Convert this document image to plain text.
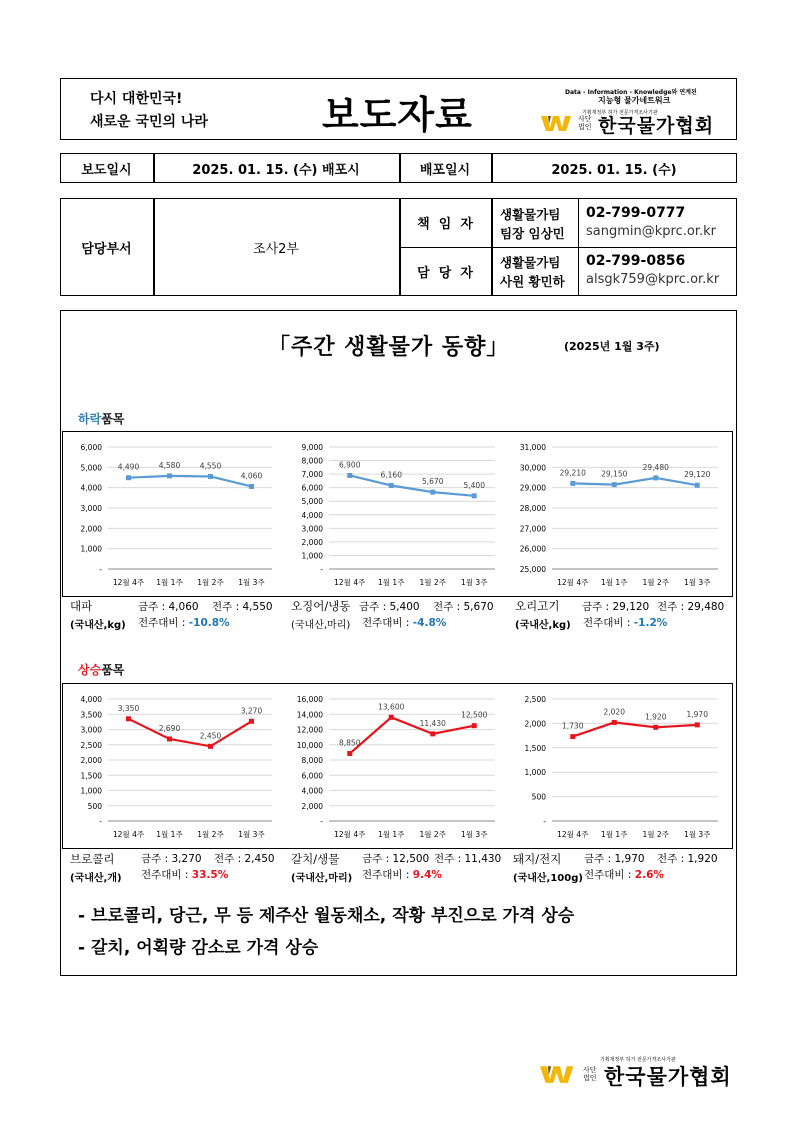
다시 대한민국!
새로운 국민의 나라	보도자료
Data - Information - Knowledge와 연계된
지능형 물가네트워크
기획재정부 허가 전문가격조사기관
사단
법인 한국물가협회
보도일시	2025. 01. 15. (수) 배포시	배포일시	2025. 01. 15. (수)
담당부서	조사2부
책  임  자
생활물가팀
팀장 임상민
02-799-0777
sangmin@kprc.or.kr
담  당  자
생활물가팀
사원 황민하
02-799-0856
alsgk759@kprc.or.kr
「주간 생활물가 동향」	(2025년 1월 3주)
하락품목
상승품목
6,000
5,000
4,000
3,000
2,000
1,000
-
12월 4주 1월 1주 1월 2주 1월 3주
4,490	4,580	4,550
4,060
9,000
8,000
7,000
6,000
5,000
4,000
3,000
2,000
1,000
-
12월 4주 1월 1주 1월 2주 1월 3주
6,900
6,160
5,670	5,400
31,000
30,000
29,000
28,000
27,000
26,000
25,000
12월 4주 1월 1주 1월 2주 1월 3주
29,210 29,150
29,480
29,120
4,000
3,500
3,000
2,500
2,000
1,500
1,000
500
-
12월 4주 1월 1주 1월 2주 1월 3주
3,350
2,690
2,450
3,270
16,000
14,000
12,000
10,000
8,000
6,000
4,000
2,000
-
12월 4주 1월 1주 1월 2주 1월 3주
8,850
13,600
11,430
12,500
2,500
2,000
1,500
1,000
500
-
12월 4주 1월 1주 1월 2주 1월 3주
1,730
2,020
1,920	1,970
대파
(국내산,kg)
금주 : 4,060 전주 : 4,550
전주대비 : -10.8%
오징어/냉동
(국내산,마리)
금주 : 5,400 전주 : 5,670
전주대비 : -4.8%
오리고기
(국내산,kg)
금주 : 29,120 전주 : 29,480
전주대비 : -1.2%
브로콜리
(국내산,개)
금주 : 3,270 전주 : 2,450
전주대비 : 33.5%
갈치/생물
(국내산,마리)
금주 : 12,500 전주 : 11,430
전주대비 : 9.4%
돼지/전지
(국내산,100g)
금주 : 1,970 전주 : 1,920
전주대비 : 2.6%
- 브로콜리, 당근, 무 등 제주산 월동채소, 작황 부진으로 가격 상승
- 갈치, 어획량 감소로 가격 상승
기획재정부 허가 전문가격조사기관
사단
법인 한국물가협회
